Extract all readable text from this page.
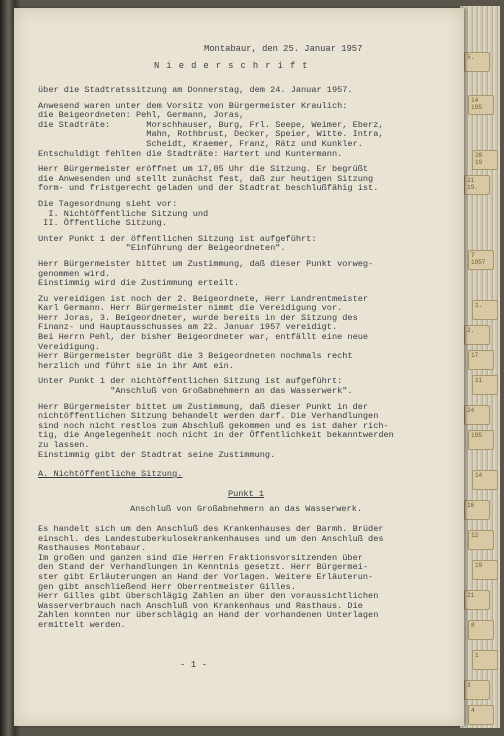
5.
14
195
28
19
21
19.
7
1957
1.
2.
17
11
24
195
14
16
12
19
21
8
1
3
4
Montabaur, den 25. Januar 1957
N i e d e r s c h r i f t

über die Stadtratssitzung am Donnerstag, dem 24. Januar 1957.

Anwesend waren unter dem Vorsitz von Bürgermeister Kraulich:

die Beigeordneten: Pehl, Germann, Joras,

die Stadträte:       Morschhauser, Burg, Frl. Seepe, Weimer, Eberz,

Mahn, Rothbrust, Decker, Speier, Witte. Intra,

Scheidt, Kraemer, Franz, Rätz und Kunkler.

Entschuldigt fehlten die Stadträte: Hartert und Kuntermann.

Herr Bürgermeister eröffnet um 17,05 Uhr die Sitzung. Er begrüßt

die Anwesenden und stellt zunächst fest, daß zur heutigen Sitzung

form- und fristgerecht geladen und der Stadtrat beschlußfähig ist.

Die Tagesordnung sieht vor:

I. Nichtöffentliche Sitzung und

II. Öffentliche Sitzung.

Unter Punkt 1 der öffentlichen Sitzung ist aufgeführt:

"Einführung der Beigeordneten".

Herr Bürgermeister bittet um Zustimmung, daß dieser Punkt vorweg-

genommen wird.

Einstimmig wird die Zustimmung erteilt.

Zu vereidigen ist noch der 2. Beigeordnete, Herr Landrentmeister

Karl Germann. Herr Bürgermeister nimmt die Vereidigung vor.

Herr Joras, 3. Beigeordneter, wurde bereits in der Sitzung des

Finanz- und Hauptausschusses am 22. Januar 1957 vereidigt.

Bei Herrn Pehl, der bisher Beigeordneter war, entfällt eine neue

Vereidigung.

Herr Bürgermeister begrüßt die 3 Beigeordneten nochmals recht

herzlich und führt sie in ihr Amt ein.

Unter Punkt 1 der nichtöffentlichen Sitzung ist aufgeführt:

"Anschluß von Großabnehmern an das Wasserwerk".

Herr Bürgermeister bittet um Zustimmung, daß dieser Punkt in der

nichtöffentlichen Sitzung behandelt werden darf. Die Verhandlungen

sind noch nicht restlos zum Abschluß gekommen und es ist daher rich-

tig, die Angelegenheit noch nicht in der Öffentlichkeit bekanntwerden

zu lassen.

Einstimmig gibt der Stadtrat seine Zustimmung.

A. Nichtöffentliche Sitzung.

Punkt 1

Anschluß von Großabnehmern an das Wasserwerk.

Es handelt sich um den Anschluß des Krankenhauses der Barmh. Brüder

einschl. des Landestuberkulosekrankenhauses und um den Anschluß des

Rasthauses Montabaur.

Im großen und ganzen sind die Herren Fraktionsvorsitzenden über

den Stand der Verhandlungen in Kenntnis gesetzt. Herr Bürgermei-

ster gibt Erläuterungen an Hand der Vorlagen. Weitere Erläuterun-

gen gibt anschließend Herr Oberrentmeister Gilles.

Herr Gilles gibt überschlägig Zahlen an über den voraussichtlichen

Wasserverbrauch nach Anschluß von Krankenhaus und Rasthaus. Die

Zahlen konnten nur überschlägig an Hand der vorhandenen Unterlagen

ermittelt werden.

- 1 -
